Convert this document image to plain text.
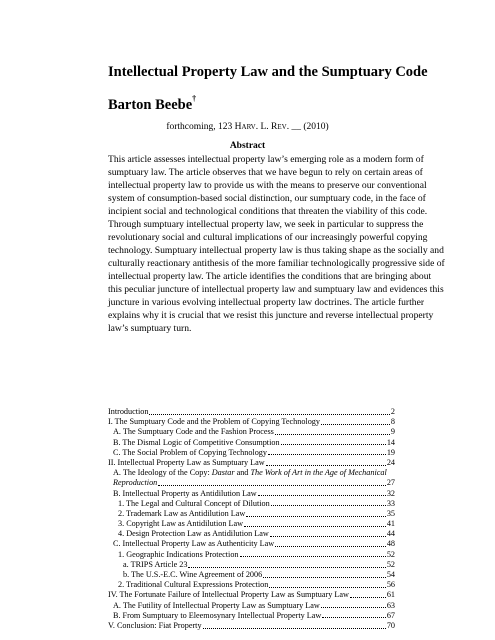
Intellectual Property Law and the Sumptuary Code
Barton Beebe†
forthcoming, 123 Harv. L. Rev. __ (2010)
Abstract
This article assesses intellectual property law’s emerging role as a modern form of
sumptuary law. The article observes that we have begun to rely on certain areas of
intellectual property law to provide us with the means to preserve our conventional
system of consumption-based social distinction, our sumptuary code, in the face of
incipient social and technological conditions that threaten the viability of this code.
Through sumptuary intellectual property law, we seek in particular to suppress the
revolutionary social and cultural implications of our increasingly powerful copying
technology. Sumptuary intellectual property law is thus taking shape as the socially and
culturally reactionary antithesis of the more familiar technologically progressive side of
intellectual property law. The article identifies the conditions that are bringing about
this peculiar juncture of intellectual property law and sumptuary law and evidences this
juncture in various evolving intellectual property law doctrines. The article further
explains why it is crucial that we resist this juncture and reverse intellectual property
law’s sumptuary turn.
Introduction	2
I. The Sumptuary Code and the Problem of Copying Technology	8
A. The Sumptuary Code and the Fashion Process	9
B. The Dismal Logic of Competitive Consumption	14
C. The Social Problem of Copying Technology	19
II. Intellectual Property Law as Sumptuary Law	24
A. The Ideology of the Copy: Dastar and The Work of Art in the Age of Mechanical
Reproduction	27
B. Intellectual Property as Antidilution Law	32
1. The Legal and Cultural Concept of Dilution	33
2. Trademark Law as Antidilution Law	35
3. Copyright Law as Antidilution Law	41
4. Design Protection Law as Antidilution Law	44
C. Intellectual Property Law as Authenticity Law	48
1. Geographic Indications Protection	52
a. TRIPS Article 23	52
b. The U.S.-E.C. Wine Agreement of 2006	54
2. Traditional Cultural Expressions Protection	56
IV. The Fortunate Failure of Intellectual Property Law as Sumptuary Law	61
A. The Futility of Intellectual Property Law as Sumptuary Law	63
B. From Sumptuary to Eleemosynary Intellectual Property Law	67
V. Conclusion: Fiat Property	70
